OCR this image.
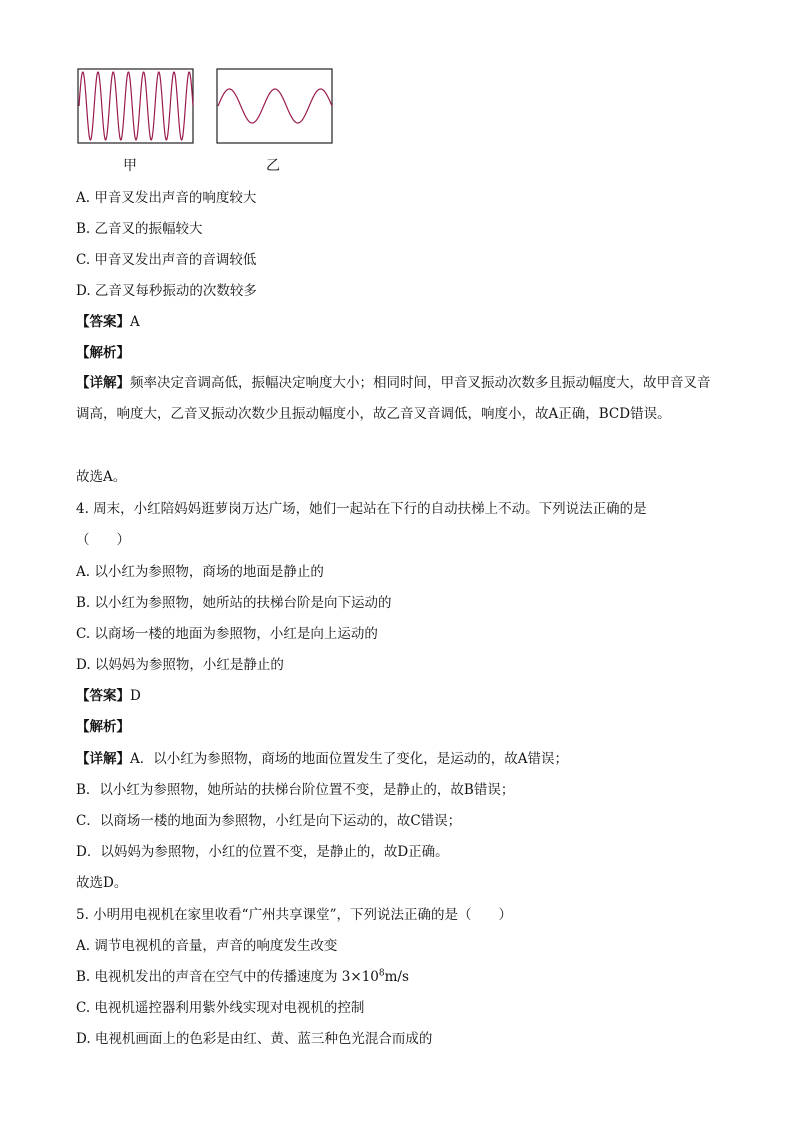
甲	乙
A. 甲音叉发出声音的响度较大
B. 乙音叉的振幅较大
C. 甲音叉发出声音的音调较低
D. 乙音叉每秒振动的次数较多
【答案】A
【解析】
【详解】频率决定音调高低，振幅决定响度大小；相同时间，甲音叉振动次数多且振动幅度大，故甲音叉音调高，响度大，乙音叉振动次数少且振动幅度小，故乙音叉音调低，响度小，故A正确，BCD错误。
故选A。
4. 周末，小红陪妈妈逛萝岗万达广场，她们一起站在下行的自动扶梯上不动。下列说法正确的是
（　　）
A. 以小红为参照物，商场的地面是静止的
B. 以小红为参照物，她所站的扶梯台阶是向下运动的
C. 以商场一楼的地面为参照物，小红是向上运动的
D. 以妈妈为参照物，小红是静止的
【答案】D
【解析】
【详解】A．以小红为参照物，商场的地面位置发生了变化，是运动的，故A错误；
B．以小红为参照物，她所站的扶梯台阶位置不变，是静止的，故B错误；
C．以商场一楼的地面为参照物，小红是向下运动的，故C错误；
D．以妈妈为参照物，小红的位置不变，是静止的，故D正确。
故选D。
5. 小明用电视机在家里收看“广州共享课堂”，下列说法正确的是（　　）
A. 调节电视机的音量，声音的响度发生改变
B. 电视机发出的声音在空气中的传播速度为 $3\times 10^8m/s$
C. 电视机遥控器利用紫外线实现对电视机的控制
D. 电视机画面上的色彩是由红、黄、蓝三种色光混合而成的
